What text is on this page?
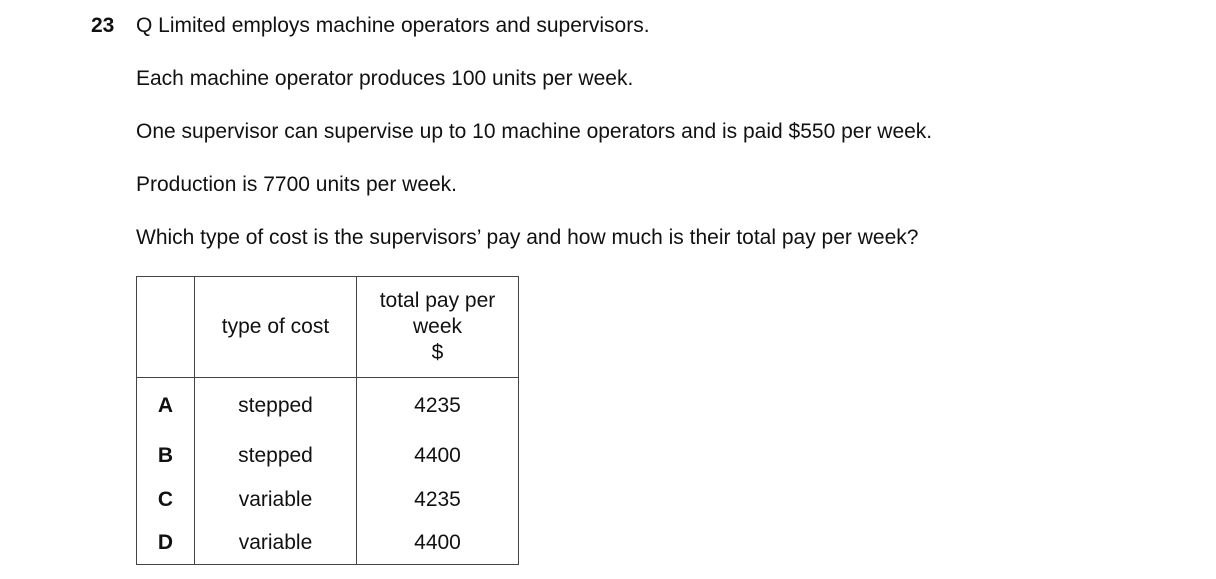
23 Q Limited employs machine operators and supervisors.
Each machine operator produces 100 units per week.
One supervisor can supervise up to 10 machine operators and is paid $550 per week.
Production is 7700 units per week.
Which type of cost is the supervisors’ pay and how much is their total pay per week?
	type of cost	total pay per
week
$

A	stepped	4235
B	stepped	4400
C	variable	4235
D	variable	4400
